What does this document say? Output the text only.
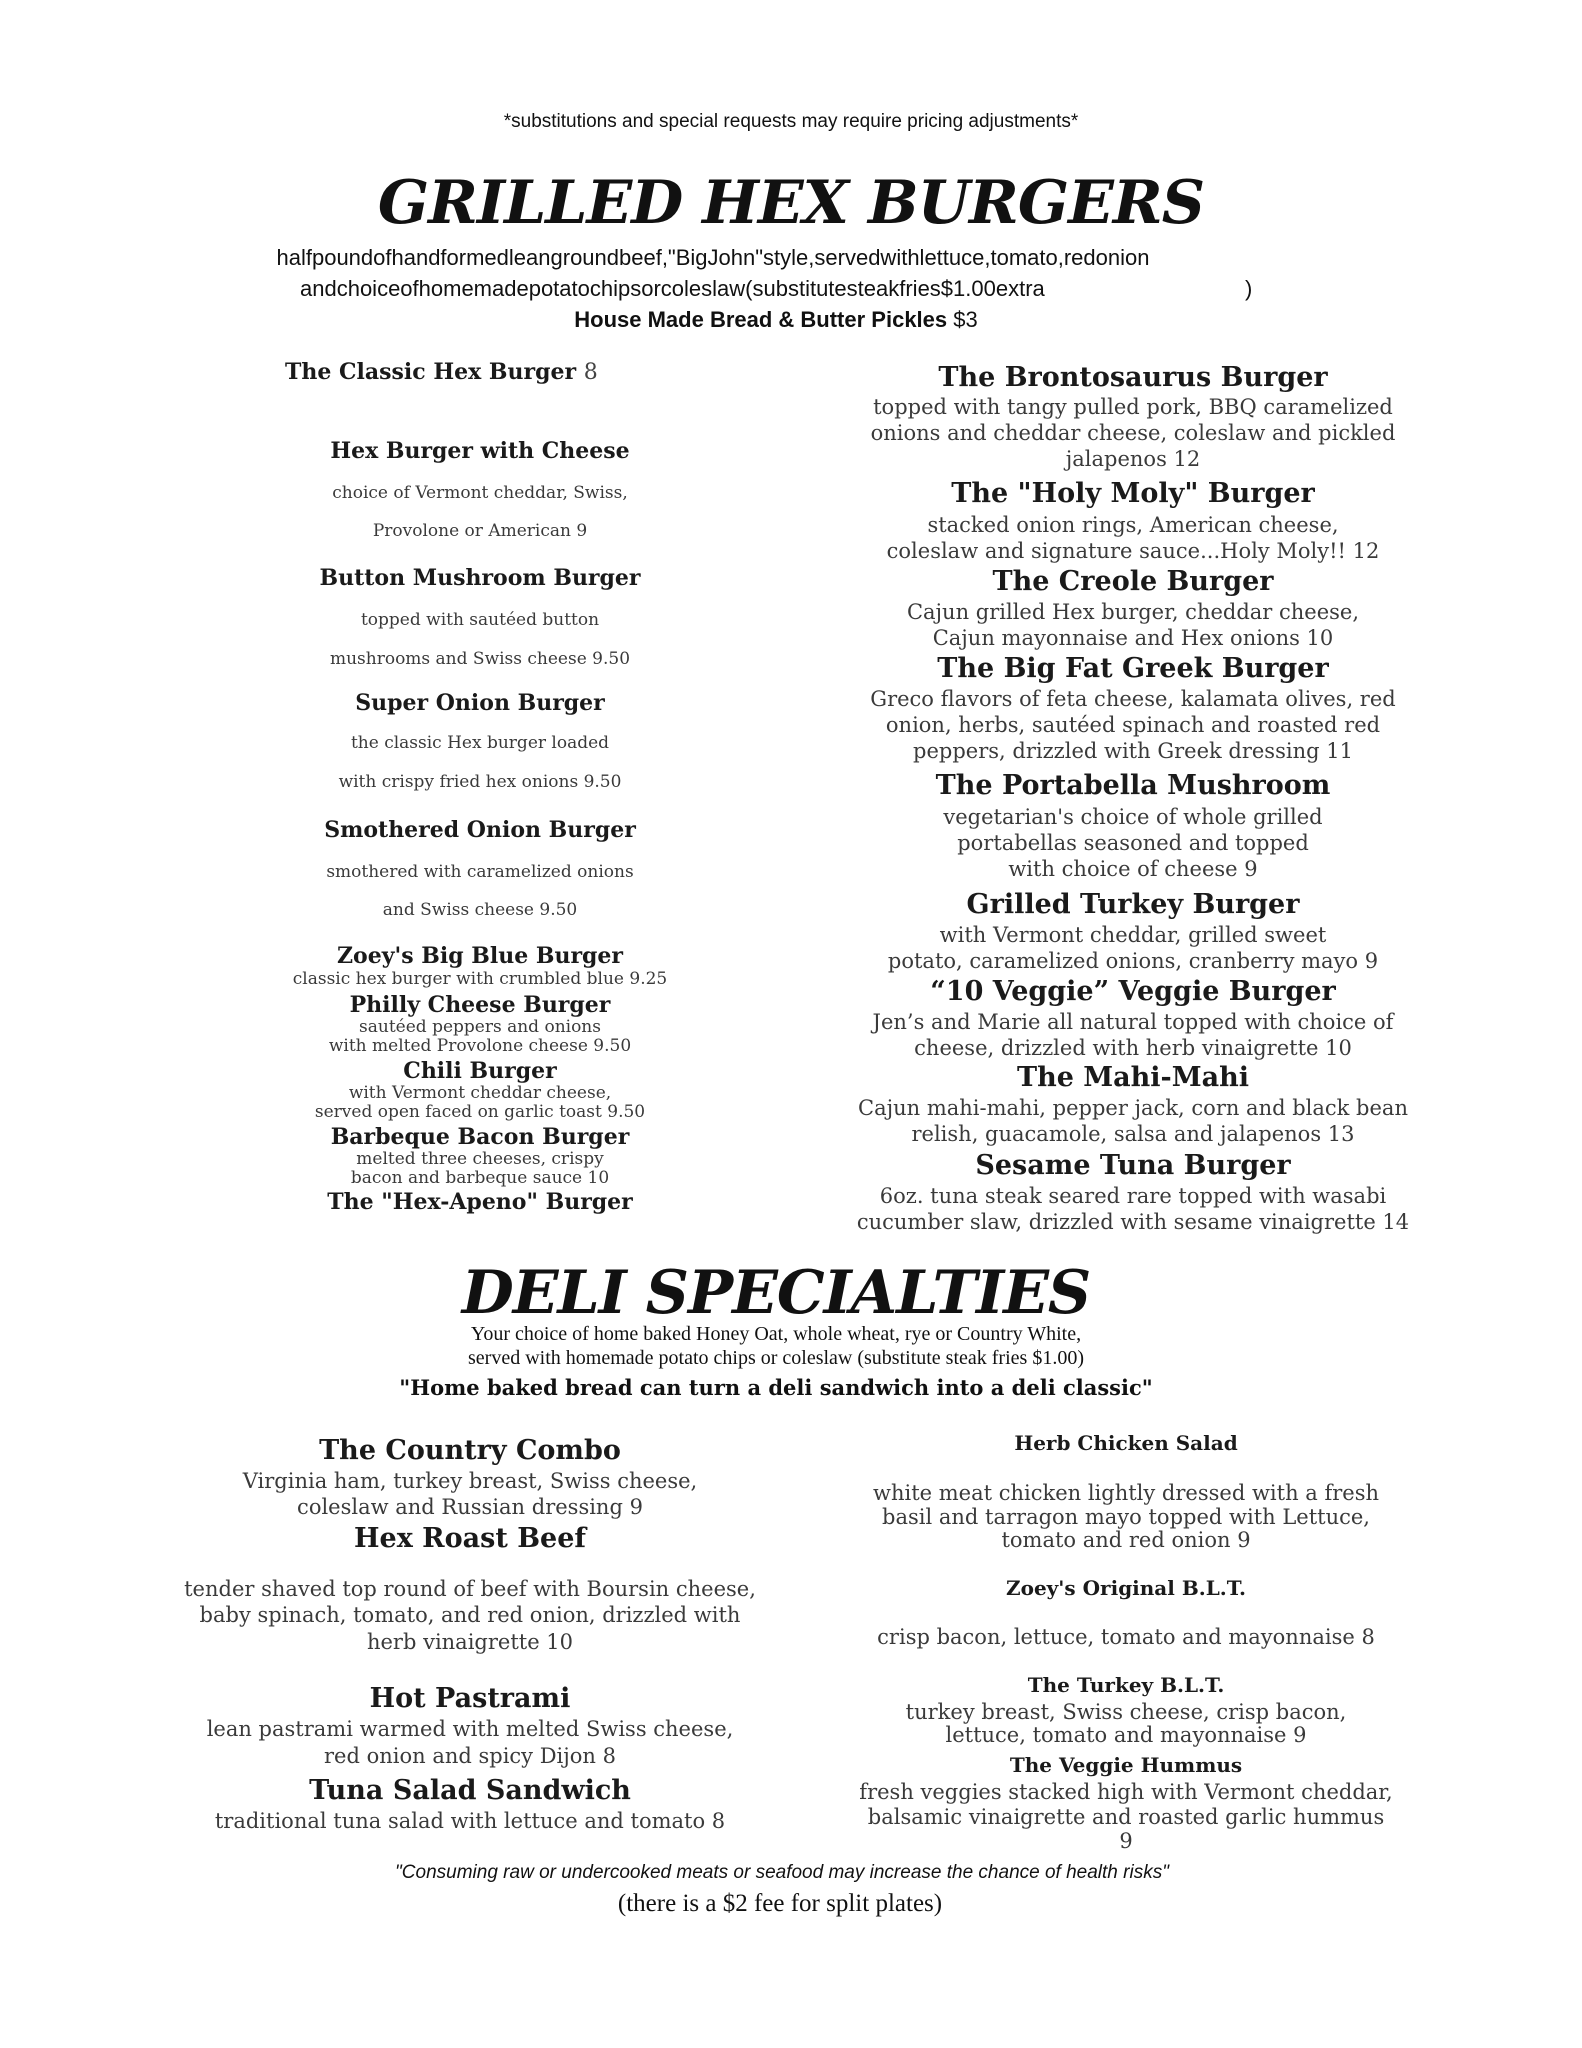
*substitutions and special requests may require pricing adjustments*
GRILLED HEX BURGERS
halfpoundofhandformedleangroundbeef,"BigJohn"style,servedwithlettuce,tomato,redonion
andchoiceofhomemadepotatochipsorcoleslaw(substitutesteakfries$1.00extra	)
House Made Bread & Butter Pickles $3
The Classic Hex Burger 8
Hex Burger with Cheese
choice of Vermont cheddar, Swiss,
Provolone or American 9
Button Mushroom Burger
topped with sautéed button
mushrooms and Swiss cheese 9.50
Super Onion Burger
the classic Hex burger loaded
with crispy fried hex onions 9.50
Smothered Onion Burger
smothered with caramelized onions
and Swiss cheese 9.50
Zoey's Big Blue Burger
classic hex burger with crumbled blue 9.25
Philly Cheese Burger
sautéed peppers and onions
with melted Provolone cheese 9.50
Chili Burger
with Vermont cheddar cheese,
served open faced on garlic toast 9.50
Barbeque Bacon Burger
melted three cheeses, crispy
bacon and barbeque sauce 10
The "Hex-Apeno" Burger
The Brontosaurus Burger
topped with tangy pulled pork, BBQ caramelized
onions and cheddar cheese, coleslaw and pickled
jalapenos 12
The "Holy Moly" Burger
stacked onion rings, American cheese,
coleslaw and signature sauce...Holy Moly!! 12
The Creole Burger
Cajun grilled Hex burger, cheddar cheese,
Cajun mayonnaise and Hex onions 10
The Big Fat Greek Burger
Greco flavors of feta cheese, kalamata olives, red
onion, herbs, sautéed spinach and roasted red
peppers, drizzled with Greek dressing 11
The Portabella Mushroom
vegetarian's choice of whole grilled
portabellas seasoned and topped
with choice of cheese 9
Grilled Turkey Burger
with Vermont cheddar, grilled sweet
potato, caramelized onions, cranberry mayo 9
“10 Veggie” Veggie Burger
Jen’s and Marie all natural topped with choice of
cheese, drizzled with herb vinaigrette 10
The Mahi-Mahi
Cajun mahi-mahi, pepper jack, corn and black bean
relish, guacamole, salsa and jalapenos 13
Sesame Tuna Burger
6oz. tuna steak seared rare topped with wasabi
cucumber slaw, drizzled with sesame vinaigrette 14
DELI SPECIALTIES
Your choice of home baked Honey Oat, whole wheat, rye or Country White,
served with homemade potato chips or coleslaw (substitute steak fries $1.00)
"Home baked bread can turn a deli sandwich into a deli classic"
The Country Combo
Virginia ham, turkey breast, Swiss cheese,
coleslaw and Russian dressing 9
Hex Roast Beef
tender shaved top round of beef with Boursin cheese,
baby spinach, tomato, and red onion, drizzled with
herb vinaigrette 10
Hot Pastrami
lean pastrami warmed with melted Swiss cheese,
red onion and spicy Dijon 8
Tuna Salad Sandwich
traditional tuna salad with lettuce and tomato 8
Herb Chicken Salad
white meat chicken lightly dressed with a fresh
basil and tarragon mayo topped with Lettuce,
tomato and red onion 9
Zoey's Original B.L.T.
crisp bacon, lettuce, tomato and mayonnaise 8
The Turkey B.L.T.
turkey breast, Swiss cheese, crisp bacon,
lettuce, tomato and mayonnaise 9
The Veggie Hummus
fresh veggies stacked high with Vermont cheddar,
balsamic vinaigrette and roasted garlic hummus
9
"Consuming raw or undercooked meats or seafood may increase the chance of health risks"
(there is a $2 fee for split plates)
